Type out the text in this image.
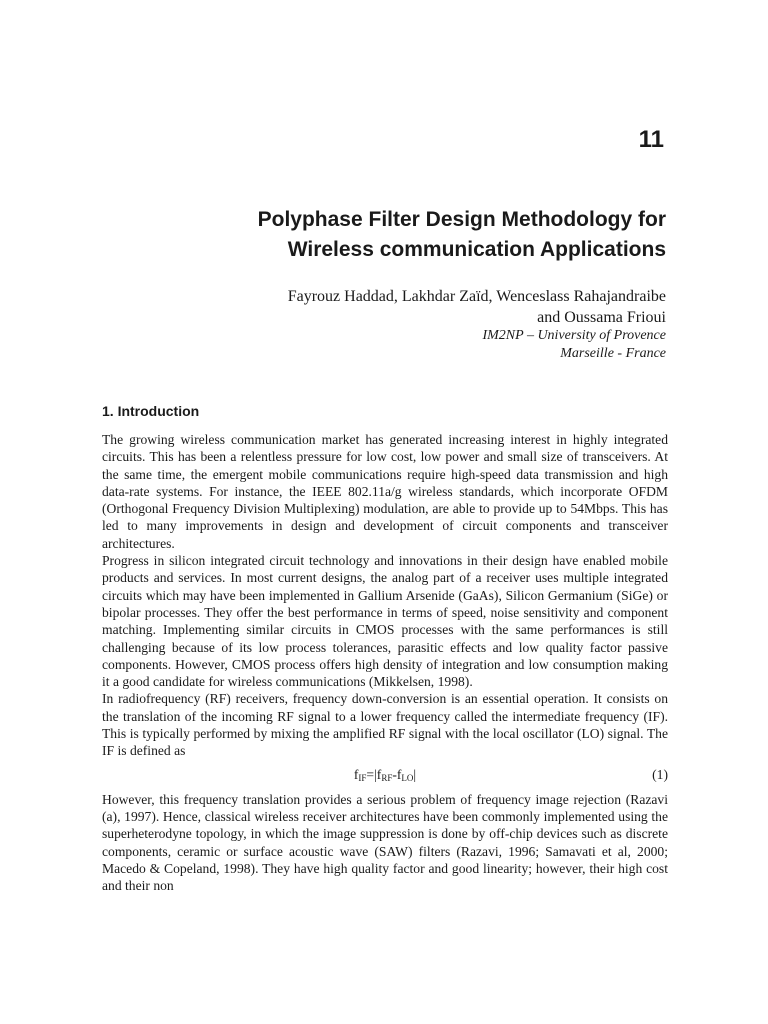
11
Polyphase Filter Design Methodology for
Wireless communication Applications
Fayrouz Haddad, Lakhdar Zaïd, Wenceslass Rahajandraibe
and Oussama Frioui
IM2NP – University of Provence
Marseille - France
1. Introduction

The growing wireless communication market has generated increasing interest in highly integrated circuits. This has been a relentless pressure for low cost, low power and small size of transceivers. At the same time, the emergent mobile communications require high-speed data transmission and high data-rate systems. For instance, the IEEE 802.11a/g wireless standards, which incorporate OFDM (Orthogonal Frequency Division Multiplexing) modulation, are able to provide up to 54Mbps. This has led to many improvements in design and development of circuit components and transceiver architectures.

Progress in silicon integrated circuit technology and innovations in their design have enabled mobile products and services. In most current designs, the analog part of a receiver uses multiple integrated circuits which may have been implemented in Gallium Arsenide (GaAs), Silicon Germanium (SiGe) or bipolar processes. They offer the best performance in terms of speed, noise sensitivity and component matching. Implementing similar circuits in CMOS processes with the same performances is still challenging because of its low process tolerances, parasitic effects and low quality factor passive components. However, CMOS process offers high density of integration and low consumption making it a good candidate for wireless communications (Mikkelsen, 1998).

In radiofrequency (RF) receivers, frequency down-conversion is an essential operation. It consists on the translation of the incoming RF signal to a lower frequency called the intermediate frequency (IF). This is typically performed by mixing the amplified RF signal with the local oscillator (LO) signal. The IF is defined as

$f_{IF}=|f_{RF}-f_{LO}|$	(1)

However, this frequency translation provides a serious problem of frequency image rejection (Razavi (a), 1997). Hence, classical wireless receiver architectures have been commonly implemented using the superheterodyne topology, in which the image suppression is done by off-chip devices such as discrete components, ceramic or surface acoustic wave (SAW) filters (Razavi, 1996; Samavati et al, 2000; Macedo & Copeland, 1998). They have high quality factor and good linearity; however, their high cost and their non
